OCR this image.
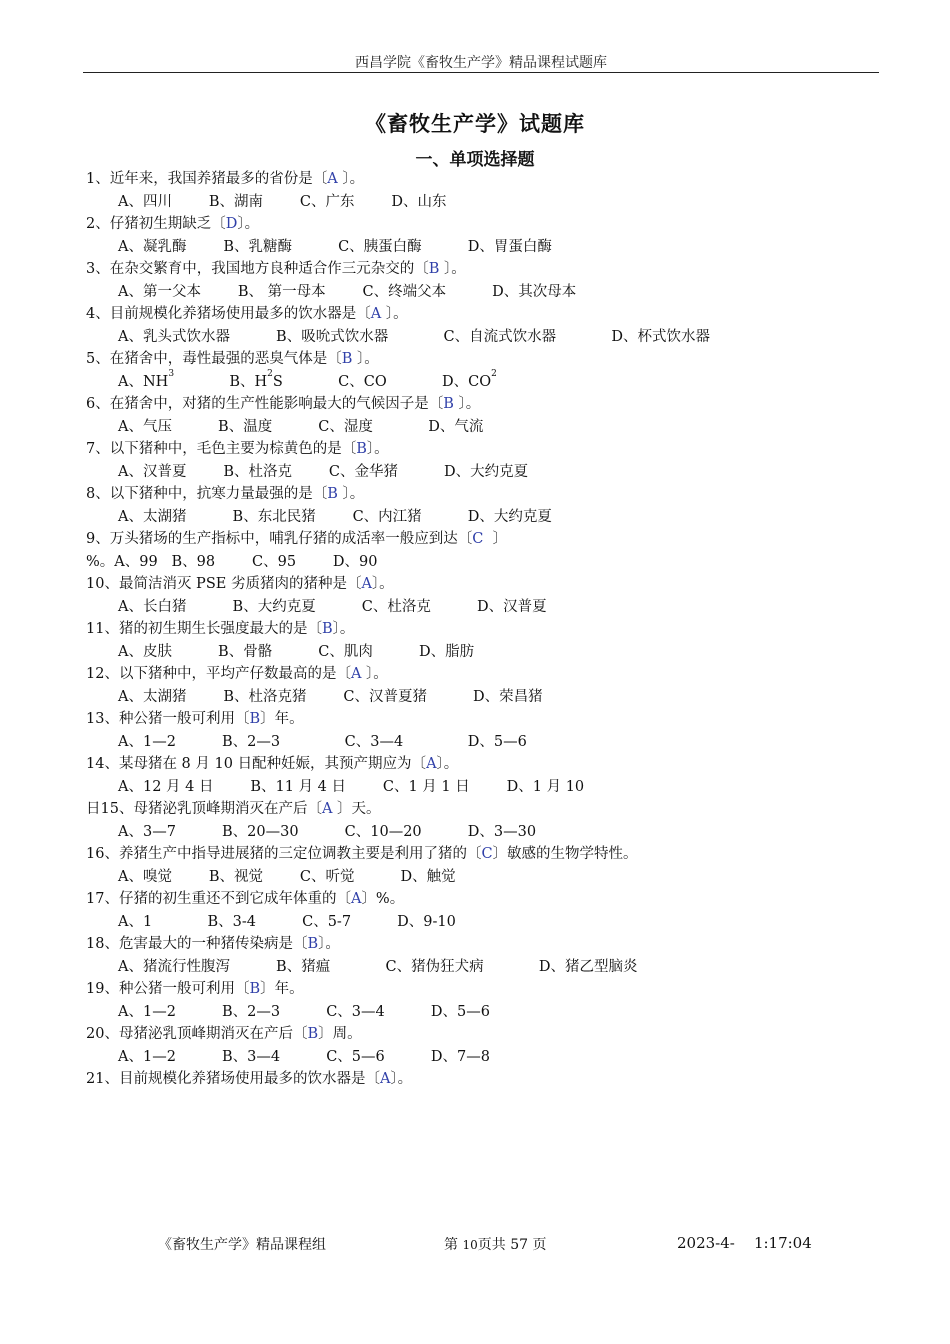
西昌学院《畜牧生产学》精品课程试题库
《畜牧生产学》试题库
一、单项选择题
1、近年来，我国养猪最多的省份是〔A 〕。
A、四川        B、湖南        C、广东        D、山东
2、仔猪初生期缺乏〔D〕。
A、凝乳酶        B、乳糖酶          C、胰蛋白酶          D、胃蛋白酶
3、在杂交繁育中，我国地方良种适合作三元杂交的〔B 〕。
A、第一父本        B、 第一母本        C、终端父本          D、其次母本
4、目前规模化养猪场使用最多的饮水器是〔A 〕。
A、乳头式饮水器          B、吸吮式饮水器            C、自流式饮水器            D、杯式饮水器
5、在猪舍中，毒性最强的恶臭气体是〔B 〕。
A、$NH^3$            B、$H^2S$            C、CO            D、$CO^2$
6、在猪舍中，对猪的生产性能影响最大的气候因子是〔B 〕。
A、气压          B、温度          C、湿度            D、气流
7、以下猪种中，毛色主要为棕黄色的是〔B〕。
A、汉普夏        B、杜洛克        C、金华猪          D、大约克夏
8、以下猪种中，抗寒力量最强的是〔B 〕。
A、太湖猪          B、东北民猪        C、内江猪          D、大约克夏
9、万头猪场的生产指标中，哺乳仔猪的成活率一般应到达〔C  〕
%。A、99   B、98        C、95        D、90
10、最简洁消灭 PSE 劣质猪肉的猪种是〔A〕。
A、长白猪          B、大约克夏          C、杜洛克          D、汉普夏
11、猪的初生期生长强度最大的是〔B〕。
A、皮肤          B、骨骼          C、肌肉          D、脂肪
12、以下猪种中，平均产仔数最高的是〔A 〕。
A、太湖猪        B、杜洛克猪        C、汉普夏猪          D、荣昌猪
13、种公猪一般可利用〔B〕年。
A、1—2          B、2—3              C、3—4              D、5—6
14、某母猪在 8 月 10 日配种妊娠，其预产期应为〔A〕。
A、12 月 4 日        B、11 月 4 日        C、1 月 1 日        D、1 月 10
日15、母猪泌乳顶峰期消灭在产后〔A 〕天。
A、3—7          B、20—30          C、10—20          D、3—30
16、养猪生产中指导进展猪的三定位调教主要是利用了猪的〔C〕敏感的生物学特性。
A、嗅觉        B、视觉        C、听觉          D、触觉
17、仔猪的初生重还不到它成年体重的〔A〕%。
A、1            B、3-4          C、5-7          D、9-10
18、危害最大的一种猪传染病是〔B〕。
A、猪流行性腹泻          B、猪瘟            C、猪伪狂犬病            D、猪乙型脑炎
19、种公猪一般可利用〔B〕年。
A、1—2          B、2—3          C、3—4          D、5—6
20、母猪泌乳顶峰期消灭在产后〔B〕周。
A、1—2          B、3—4          C、5—6          D、7—8
21、目前规模化养猪场使用最多的饮水器是〔A〕。
《畜牧生产学》精品课程组	第 10页共 57 页	2023-4- 1:17:04
